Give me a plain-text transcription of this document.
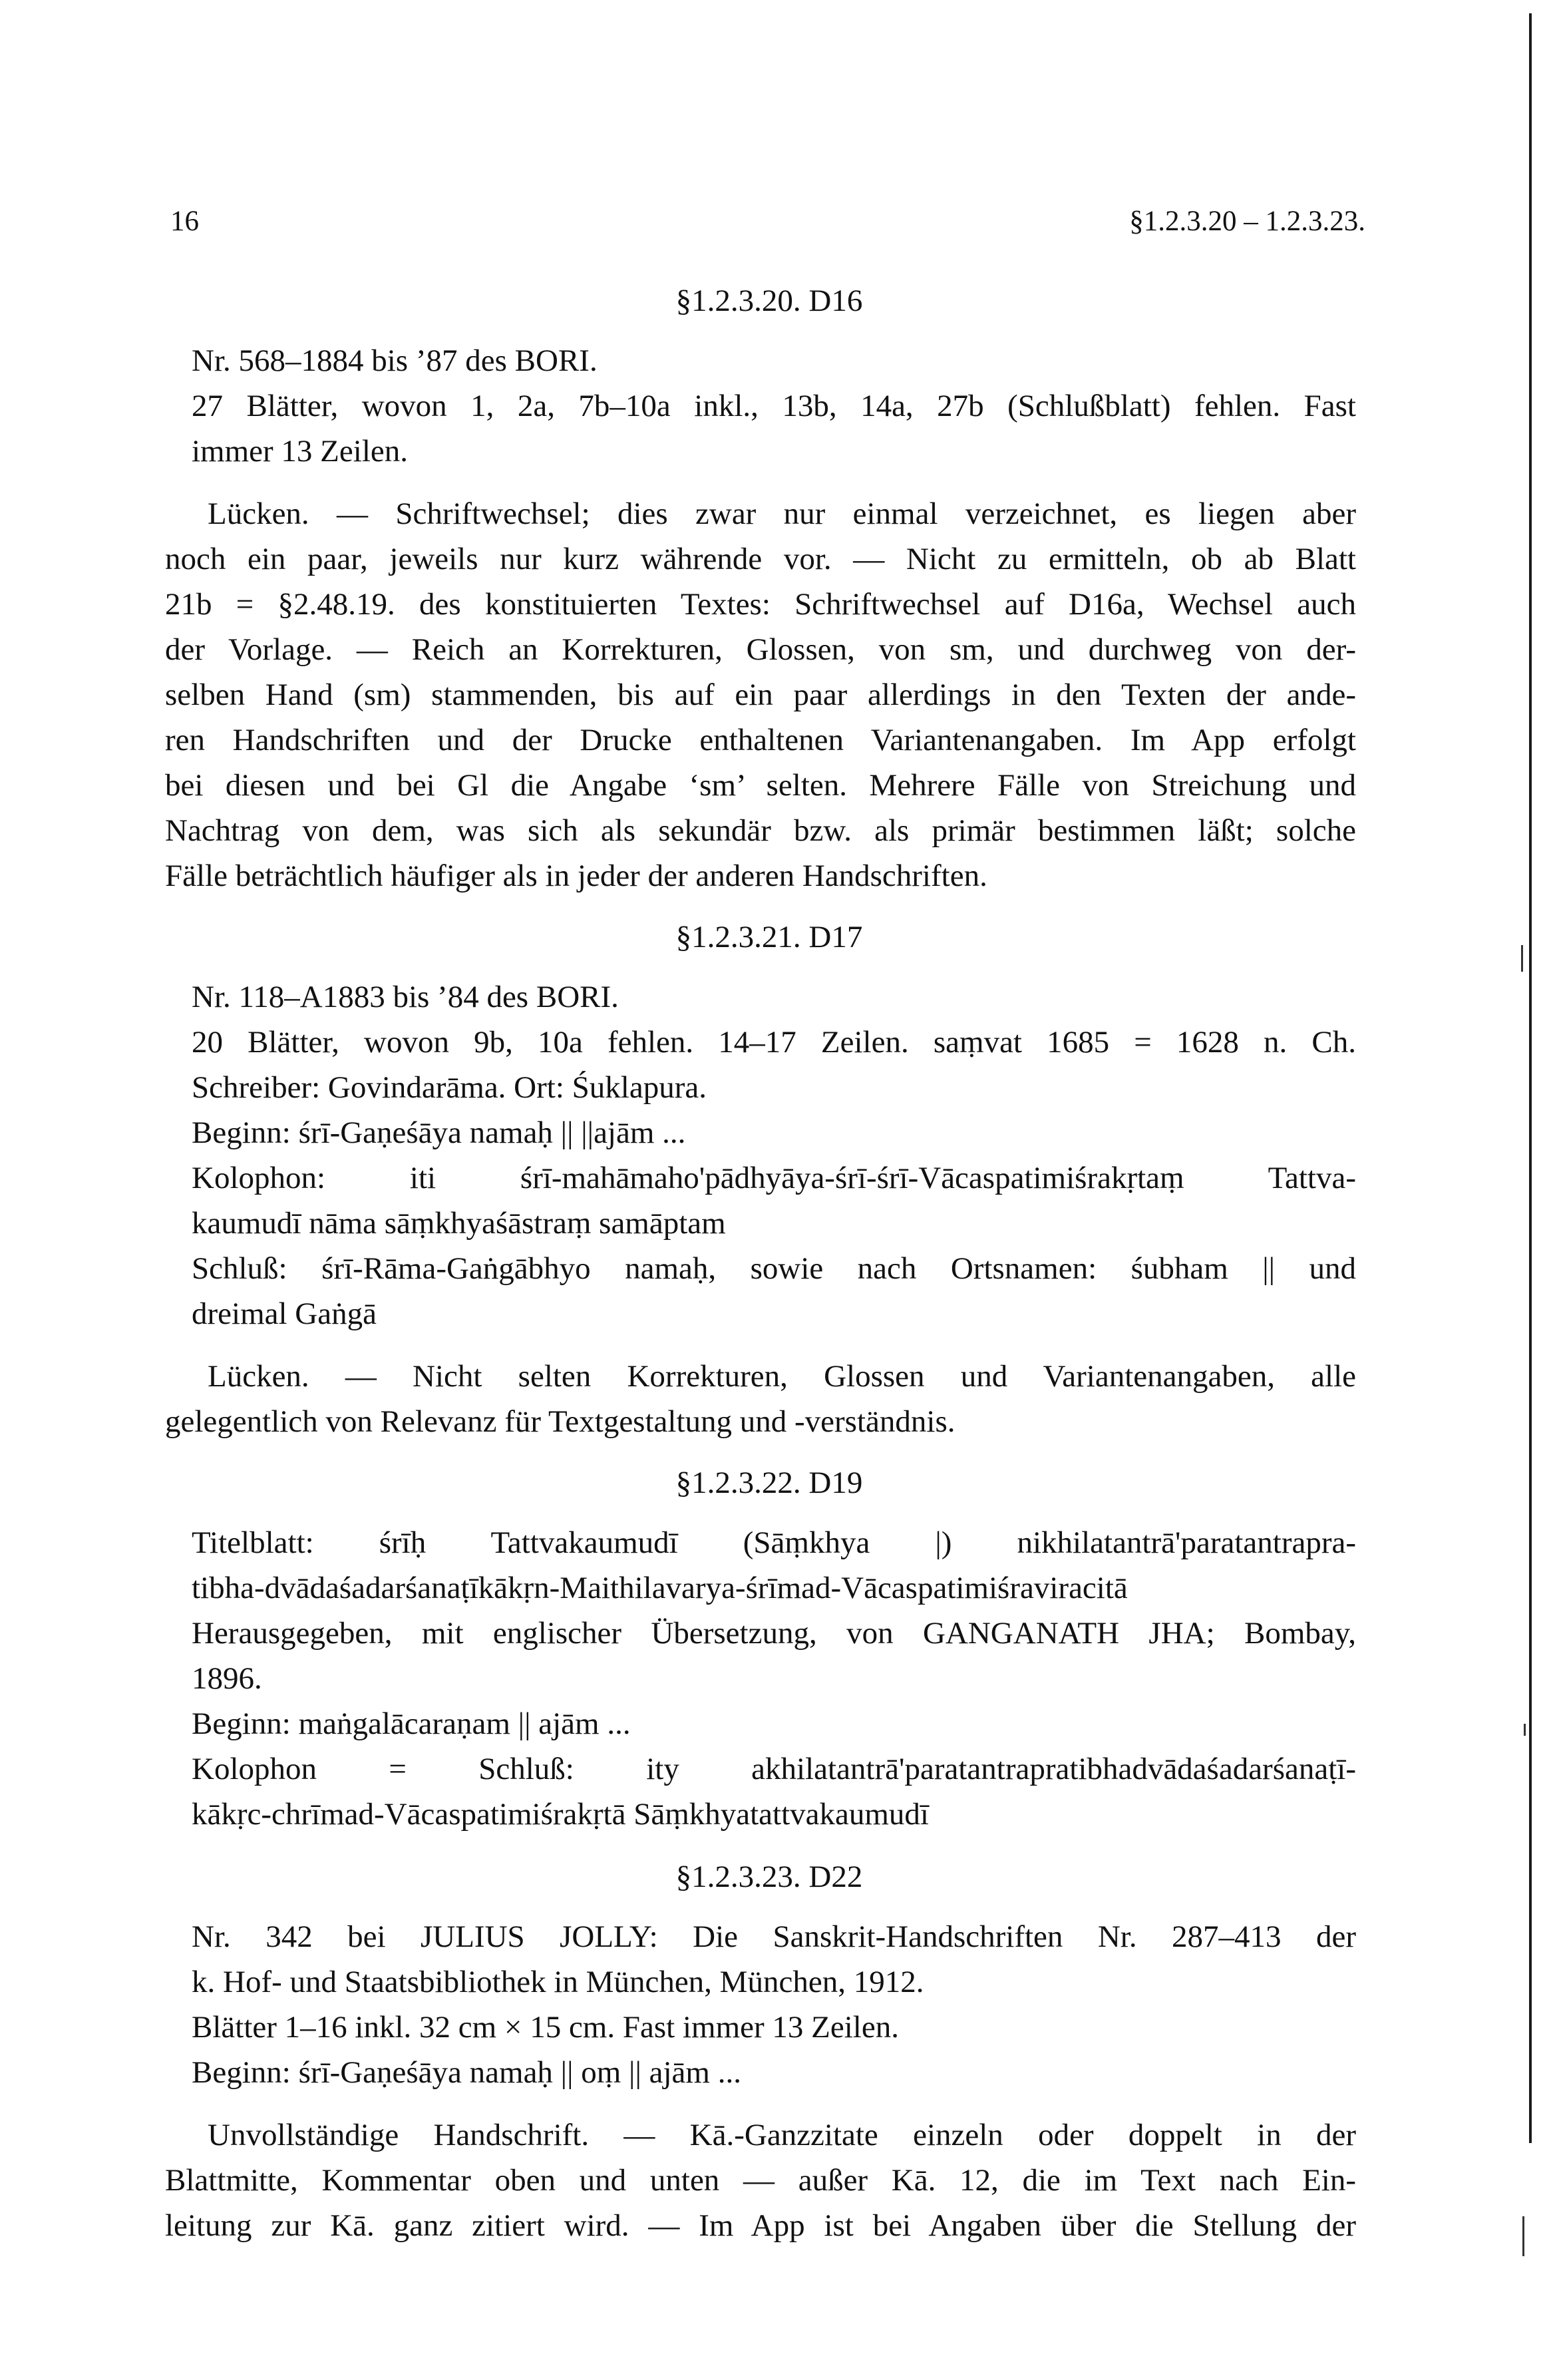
16	§1.2.3.20 – 1.2.3.23.
§1.2.3.20. D16
Nr. 568–1884 bis ’87 des BORI.
27 Blätter, wovon 1, 2a, 7b–10a inkl., 13b, 14a, 27b (Schlußblatt) fehlen. Fast
immer 13 Zeilen.
Lücken. — Schriftwechsel; dies zwar nur einmal verzeichnet, es liegen aber
noch ein paar, jeweils nur kurz währende vor. — Nicht zu ermitteln, ob ab Blatt
21b = §2.48.19. des konstituierten Textes: Schriftwechsel auf D16a, Wechsel auch
der Vorlage. — Reich an Korrekturen, Glossen, von sm, und durchweg von der-
selben Hand (sm) stammenden, bis auf ein paar allerdings in den Texten der ande-
ren Handschriften und der Drucke enthaltenen Variantenangaben. Im App erfolgt
bei diesen und bei Gl die Angabe ‘sm’ selten. Mehrere Fälle von Streichung und
Nachtrag von dem, was sich als sekundär bzw. als primär bestimmen läßt; solche
Fälle beträchtlich häufiger als in jeder der anderen Handschriften.
§1.2.3.21. D17
Nr. 118–A1883 bis ’84 des BORI.
20 Blätter, wovon 9b, 10a fehlen. 14–17 Zeilen. saṃvat 1685 = 1628 n. Ch.
Schreiber: Govindarāma. Ort: Śuklapura.
Beginn: śrī-Gaṇeśāya namaḥ || ||ajām ...
Kolophon: iti śrī-mahāmaho'pādhyāya-śrī-śrī-Vācaspatimiśrakṛtaṃ Tattva-
kaumudī nāma sāṃkhyaśāstraṃ samāptam
Schluß: śrī-Rāma-Gaṅgābhyo namaḥ, sowie nach Ortsnamen: śubham || und
dreimal Gaṅgā
Lücken. — Nicht selten Korrekturen, Glossen und Variantenangaben, alle
gelegentlich von Relevanz für Textgestaltung und -verständnis.
§1.2.3.22. D19
Titelblatt: śrīḥ Tattvakaumudī (Sāṃkhya |) nikhilatantrā'paratantrapra-
tibha-dvādaśadarśanaṭīkākṛn-Maithilavarya-śrīmad-Vācaspatimiśraviracitā
Herausgegeben, mit englischer Übersetzung, von GANGANATH JHA; Bombay,
1896.
Beginn: maṅgalācaraṇam || ajām ...
Kolophon = Schluß: ity akhilatantrā'paratantrapratibhadvādaśadarśanaṭī-
kākṛc-chrīmad-Vācaspatimiśrakṛtā Sāṃkhyatattvakaumudī
§1.2.3.23. D22
Nr. 342 bei JULIUS JOLLY: Die Sanskrit-Handschriften Nr. 287–413 der
k. Hof- und Staatsbibliothek in München, München, 1912.
Blätter 1–16 inkl. 32 cm × 15 cm. Fast immer 13 Zeilen.
Beginn: śrī-Gaṇeśāya namaḥ || oṃ || ajām ...
Unvollständige Handschrift. — Kā.-Ganzzitate einzeln oder doppelt in der
Blattmitte, Kommentar oben und unten — außer Kā. 12, die im Text nach Ein-
leitung zur Kā. ganz zitiert wird. — Im App ist bei Angaben über die Stellung der
